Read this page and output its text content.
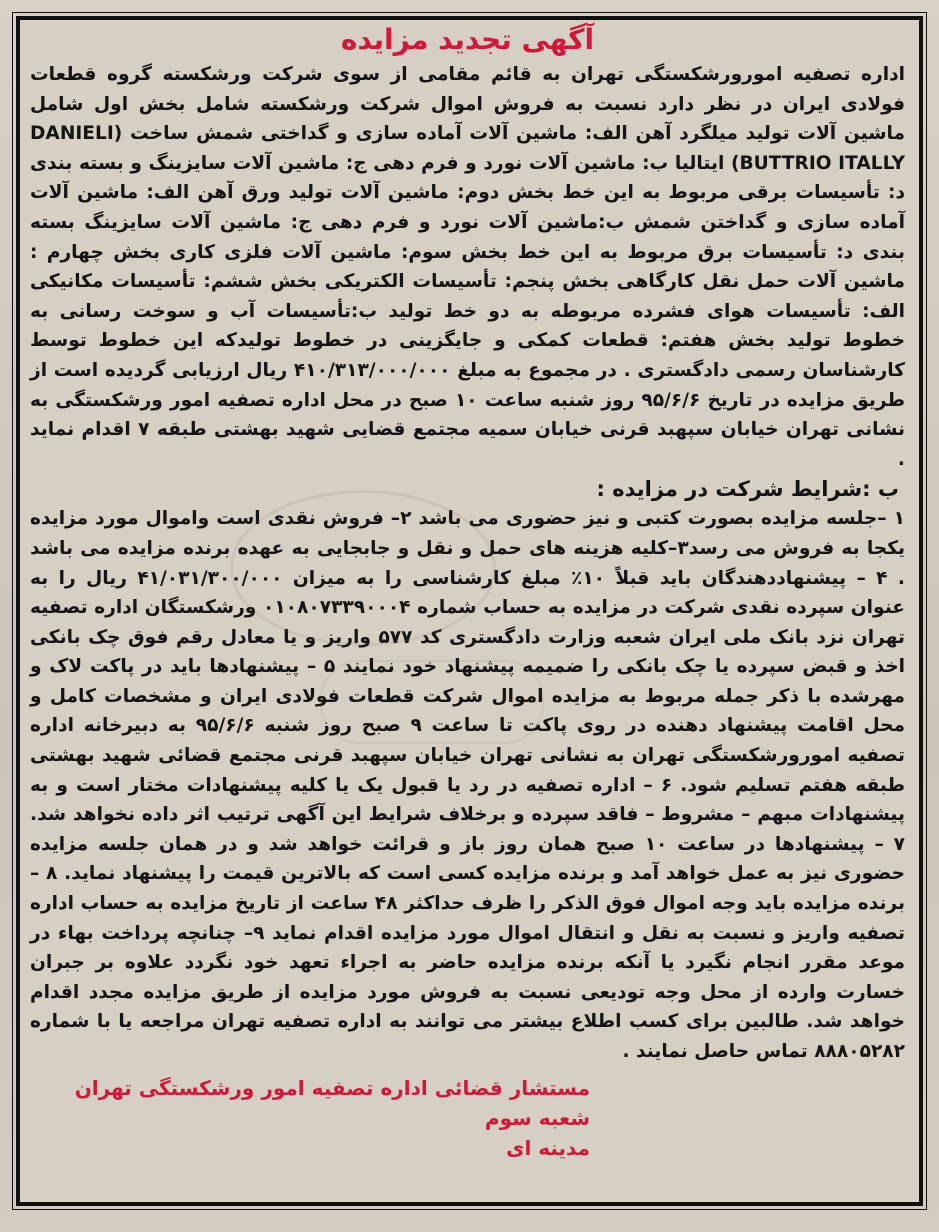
آگهی تجدید مزایده

اداره تصفیه امورورشکستگی تهران به قائم مقامی از سوی شرکت ورشکسته گروه قطعات فولادی ایران در نظر دارد نسبت به فروش اموال شرکت ورشکسته شامل بخش اول شامل ماشین آلات تولید میلگرد آهن الف: ماشین آلات آماده سازی و گداختی شمش ساخت (DANIELI BUTTRIO ITALLY) ایتالیا ب: ماشین آلات نورد و فرم دهی ج: ماشین آلات سایزینگ و بسته بندی د: تأسیسات برقی مربوط به این خط بخش دوم: ماشین آلات تولید ورق آهن الف: ماشین آلات آماده سازی و گداختن شمش ب:ماشین آلات نورد و فرم دهی ج: ماشین آلات سایزینگ بسته بندی د: تأسیسات برق مربوط به این خط بخش سوم: ماشین آلات فلزی کاری بخش چهارم : ماشین آلات حمل نقل کارگاهی بخش پنجم: تأسیسات الکتریکی بخش ششم: تأسیسات مکانیکی الف: تأسیسات هوای فشرده مربوطه به دو خط تولید ب:تأسیسات آب و سوخت رسانی به خطوط تولید بخش هفتم: قطعات کمکی و جایگزینی در خطوط تولیدکه این خطوط توسط کارشناسان رسمی دادگستری . در مجموع به مبلغ ۴۱۰/۳۱۳/۰۰۰/۰۰۰ ریال ارزیابی گردیده است از طریق مزایده در تاریخ ۹۵/۶/۶ روز شنبه ساعت ۱۰ صبح در محل اداره تصفیه امور ورشکستگی به نشانی تهران خیابان سپهبد قرنی خیابان سمیه مجتمع قضایی شهید بهشتی طبقه ۷ اقدام نماید .

ب :شرایط شرکت در مزایده :

۱ –جلسه مزایده بصورت کتبی و نیز حضوری می باشد ۲– فروش نقدی است واموال مورد مزایده یکجا به فروش می رسد۳–کلیه هزینه های حمل و نقل و جابجایی به عهده برنده مزایده می باشد . ۴ – پیشنهاددهندگان باید قبلاً ۱۰٪ مبلغ کارشناسی را به میزان ۴۱/۰۳۱/۳۰۰/۰۰۰ ریال را به عنوان سپرده نقدی شرکت در مزایده به حساب شماره ۰۱۰۸۰۷۳۳۹۰۰۰۴ ورشکستگان اداره تصفیه تهران نزد بانک ملی ایران شعبه وزارت دادگستری کد ۵۷۷ واریز و یا معادل رقم فوق چک بانکی اخذ و قبض سپرده یا چک بانکی را ضمیمه پیشنهاد خود نمایند ۵ – پیشنهادها باید در پاکت لاک و مهرشده با ذکر جمله مربوط به مزایده اموال شرکت قطعات فولادی ایران و مشخصات کامل و محل اقامت پیشنهاد دهنده در روی پاکت تا ساعت ۹ صبح روز شنبه ۹۵/۶/۶ به دبیرخانه اداره تصفیه امورورشکستگی تهران به نشانی تهران خیابان سپهبد قرنی مجتمع قضائی شهید بهشتی طبقه هفتم تسلیم شود. ۶ – اداره تصفیه در رد یا قبول یک یا کلیه پیشنهادات مختار است و به پیشنهادات مبهم – مشروط – فاقد سپرده و برخلاف شرایط این آگهی ترتیب اثر داده نخواهد شد. ۷ – پیشنهادها در ساعت ۱۰ صبح همان روز باز و قرائت خواهد شد و در همان جلسه مزایده حضوری نیز به عمل خواهد آمد و برنده مزایده کسی است که بالاترین قیمت را پیشنهاد نماید. ۸ – برنده مزایده باید وجه اموال فوق الذکر را ظرف حداکثر ۴۸ ساعت از تاریخ مزایده به حساب اداره تصفیه واریز و نسبت به نقل و انتقال اموال مورد مزایده اقدام نماید ۹– چنانچه پرداخت بهاء در موعد مقرر انجام نگیرد یا آنکه برنده مزایده حاضر به اجراء تعهد خود نگردد علاوه بر جبران خسارت وارده از محل وجه تودیعی نسبت به فروش مورد مزایده از طریق مزایده مجدد اقدام خواهد شد. طالبین برای کسب اطلاع بیشتر می توانند به اداره تصفیه تهران مراجعه یا با شماره ۸۸۸۰۵۲۸۲ تماس حاصل نمایند .

مستشار قضائی اداره تصفیه امور ورشکستگی تهران شعبه سوم
مدینه ای
